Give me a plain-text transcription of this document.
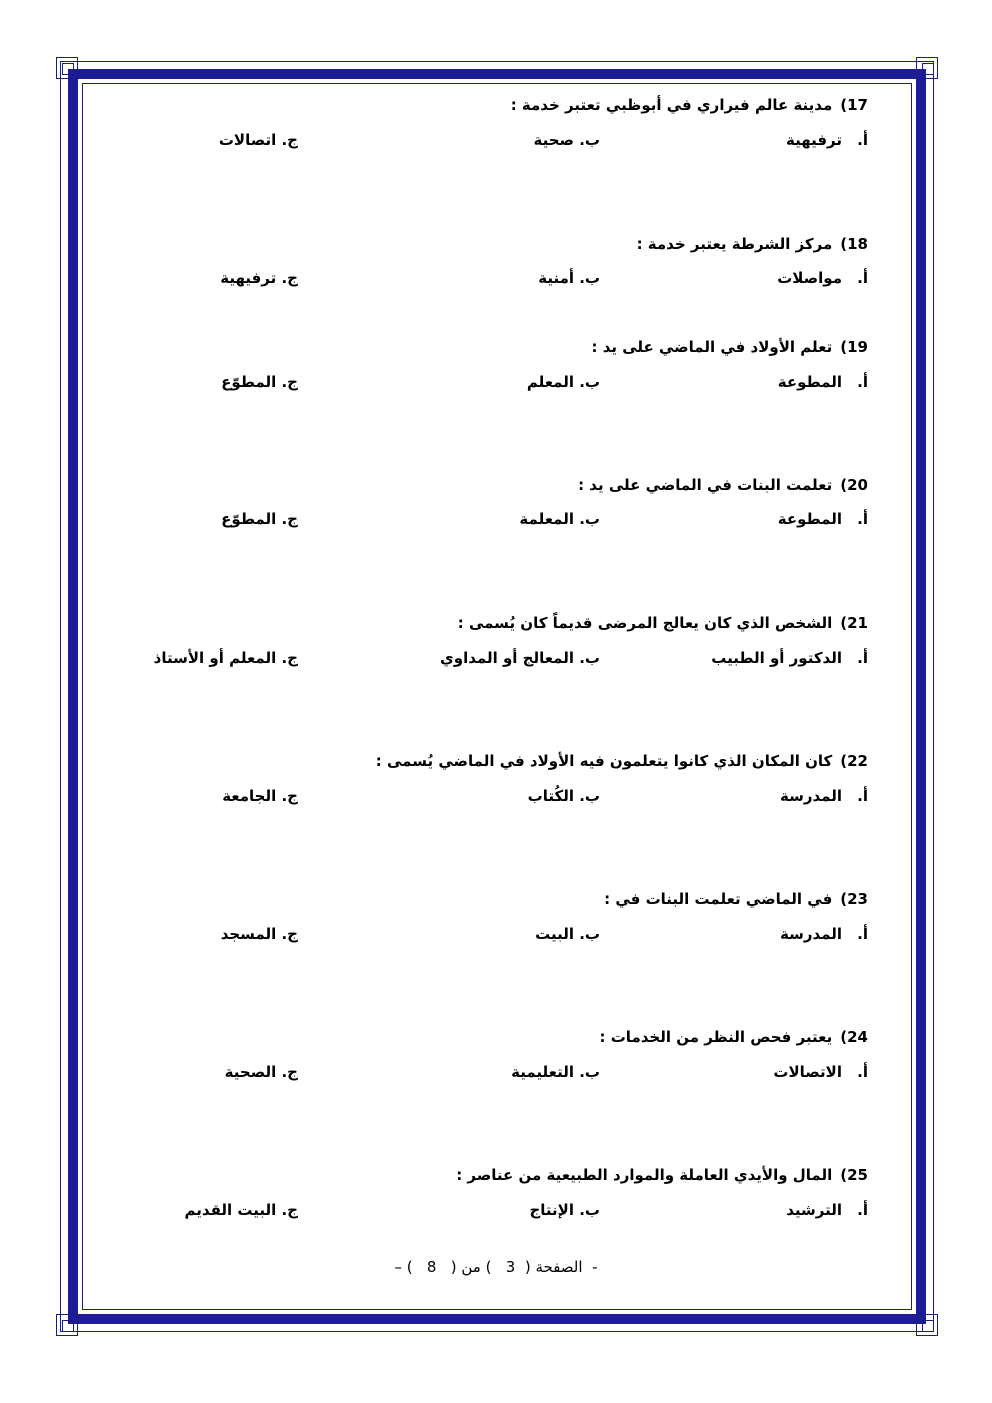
17)مدينة عالم فيراري في أبوظبي تعتبر خدمة :
أ.ترفيهية
ب. صحية
ج. اتصالات
18)مركز الشرطة يعتبر خدمة :
أ.مواصلات
ب. أمنية
ج. ترفيهية
19)تعلم الأولاد في الماضي على يد :
أ.المطوعة
ب. المعلم
ج. المطوّع
20)تعلمت البنات في الماضي على يد :
أ.المطوعة
ب. المعلمة
ج. المطوّع
21)الشخص الذي كان يعالج المرضى قديماً كان يُسمى :
أ.الدكتور أو الطبيب
ب. المعالج أو المداوي
ج. المعلم أو الأستاذ
22)كان المكان الذي كانوا يتعلمون فيه الأولاد في الماضي يُسمى :
أ.المدرسة
ب. الكُتاب
ج. الجامعة
23)في الماضي تعلمت البنات في :
أ.المدرسة
ب. البيت
ج. المسجد
24)يعتبر فحص النظر من الخدمات :
أ.الاتصالات
ب. التعليمية
ج. الصحية
25)المال والأيدي العاملة والموارد الطبيعية من عناصر :
أ.الترشيد
ب. الإنتاج
ج. البيت القديم
-  الصفحة (  3   ) من (   8   ) –
